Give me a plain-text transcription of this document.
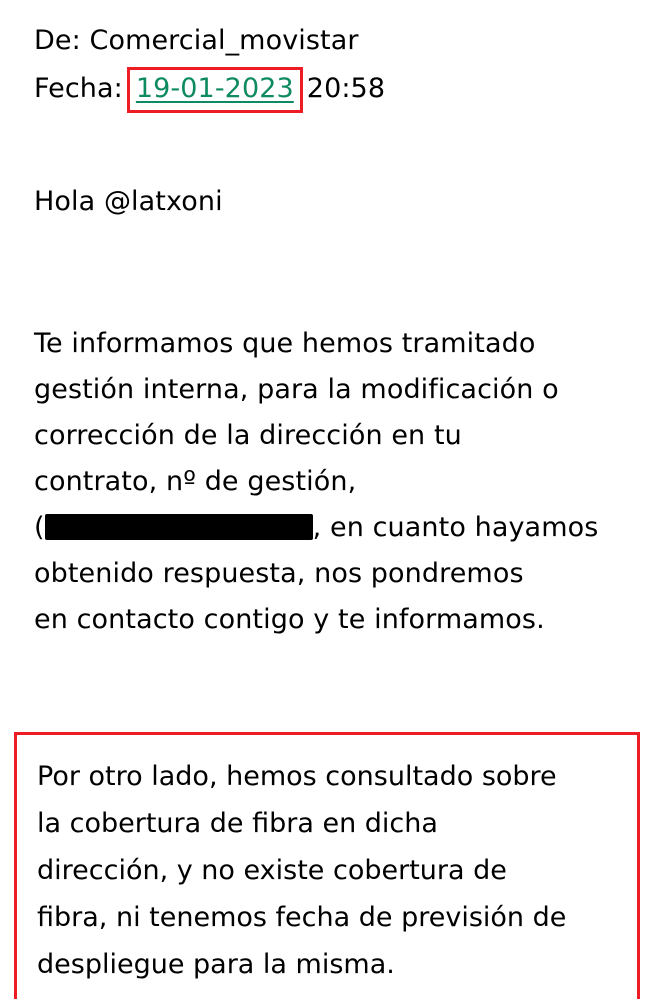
De: Comercial_movistar
Fecha: 19-01-2023 20:58
Hola @latxoni
Te informamos que hemos tramitado
gestión interna, para la modificación o
corrección de la dirección en tu
contrato, nº de gestión,
(	, en cuanto hayamos
obtenido respuesta, nos pondremos
en contacto contigo y te informamos.
Por otro lado, hemos consultado sobre
la cobertura de fibra en dicha
dirección, y no existe cobertura de
fibra, ni tenemos fecha de previsión de
despliegue para la misma.
